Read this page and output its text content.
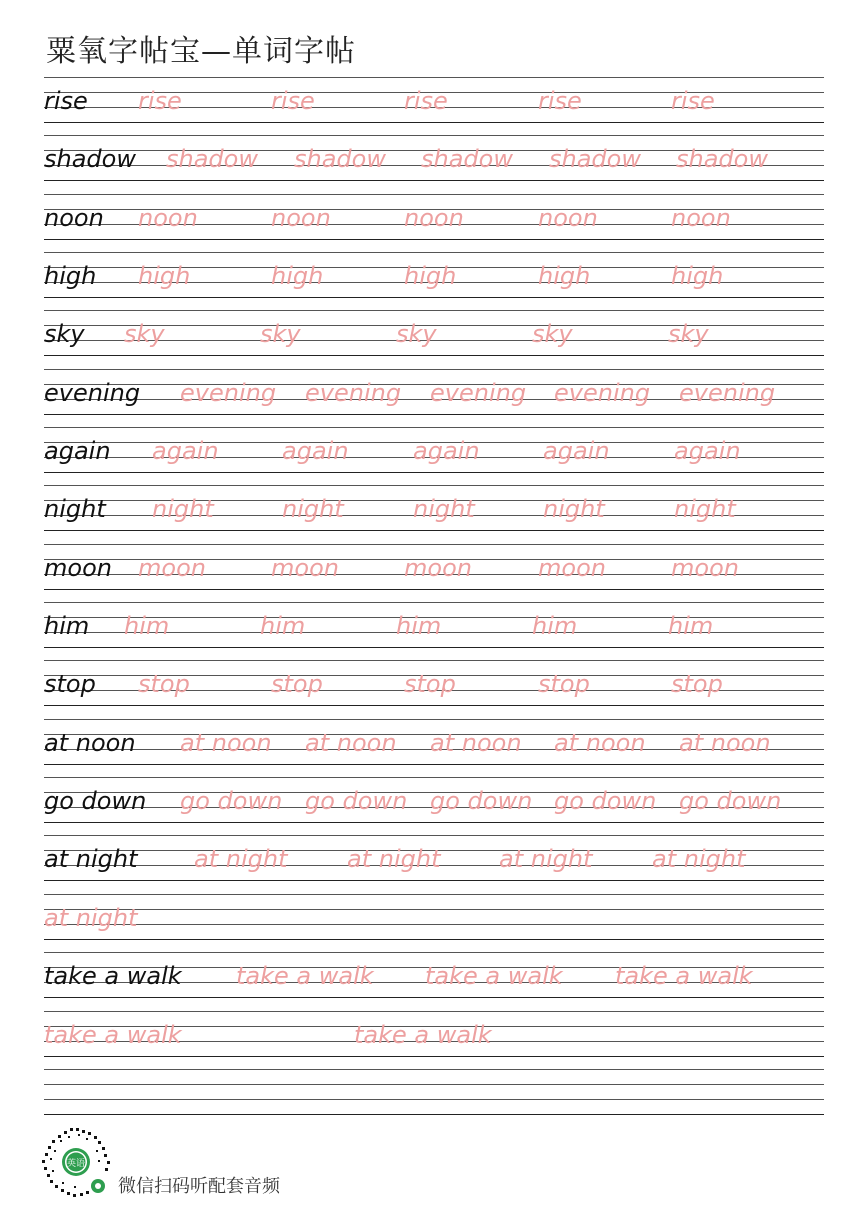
粟氧字帖宝—单词字帖
rise rise	rise	rise	rise	rise
shadow shadow shadow shadow shadow shadow
noon noon	noon	noon	noon	noon
high high	high	high	high	high
sky sky	sky	sky	sky	sky
evening evening evening evening evening evening
again again	again	again	again	again
night night	night	night	night	night
moon moon	moon	moon	moon	moon
him him	him	him	him	him
stop stop	stop	stop	stop	stop
at noon at noon at noon at noon at noon at noon
go down go down go down go down go down go down
at night at night at night at night at night
at night
take a walk take a walk take a walk take a walk
take a walk	take a walk
英语
微信扫码听配套音频
